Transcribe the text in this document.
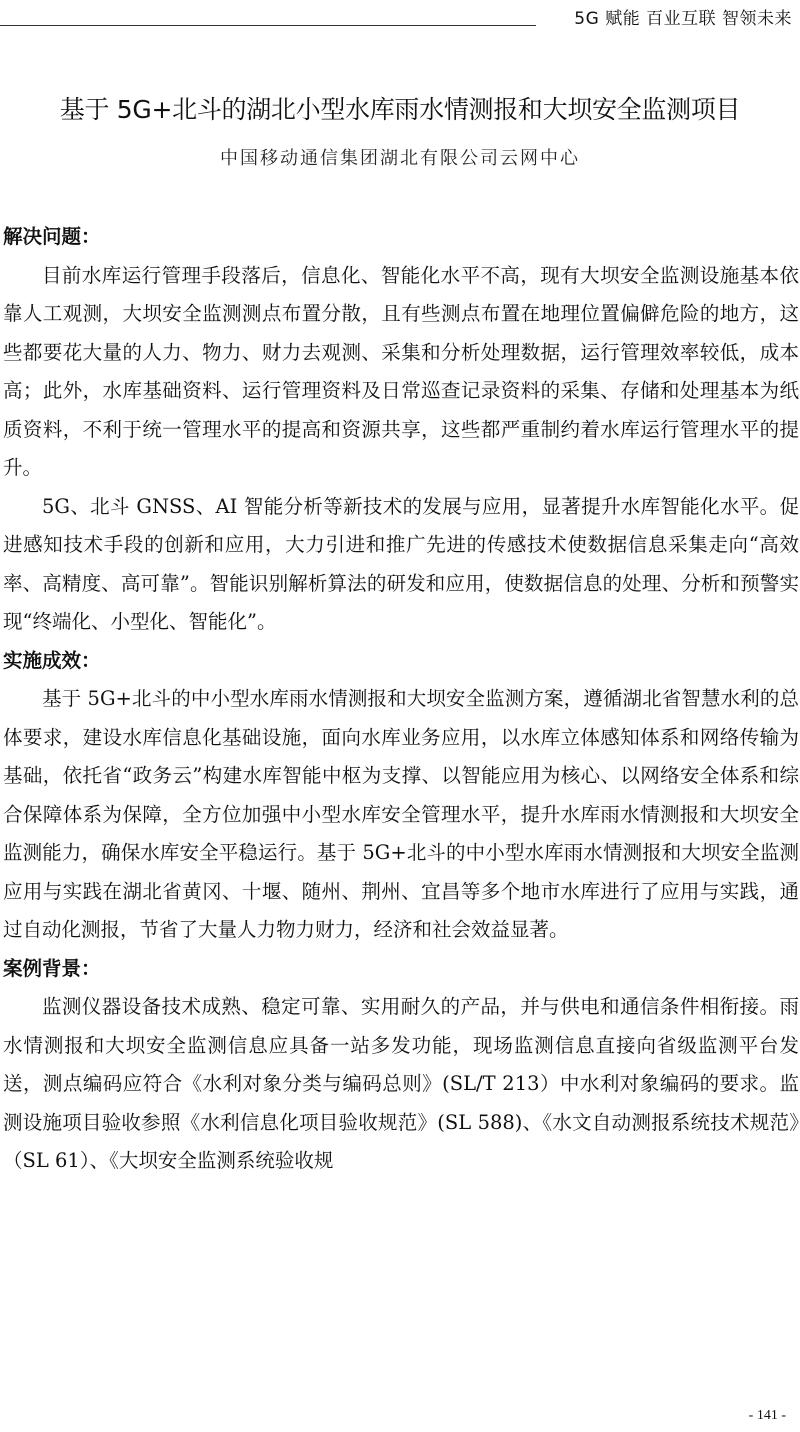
5G 赋能 百业互联 智领未来
基于 5G+北斗的湖北小型水库雨水情测报和大坝安全监测项目
中国移动通信集团湖北有限公司云网中心
解决问题：

目前水库运行管理手段落后，信息化、智能化水平不高，现有大坝安全监测设施基本依靠人工观测，大坝安全监测测点布置分散，且有些测点布置在地理位置偏僻危险的地方，这些都要花大量的人力、物力、财力去观测、采集和分析处理数据，运行管理效率较低，成本高；此外，水库基础资料、运行管理资料及日常巡查记录资料的采集、存储和处理基本为纸质资料，不利于统一管理水平的提高和资源共享，这些都严重制约着水库运行管理水平的提升。

5G、北斗 GNSS、AI 智能分析等新技术的发展与应用，显著提升水库智能化水平。促进感知技术手段的创新和应用，大力引进和推广先进的传感技术使数据信息采集走向“高效率、高精度、高可靠”。智能识别解析算法的研发和应用，使数据信息的处理、分析和预警实现“终端化、小型化、智能化”。

实施成效：

基于 5G+北斗的中小型水库雨水情测报和大坝安全监测方案，遵循湖北省智慧水利的总体要求，建设水库信息化基础设施，面向水库业务应用，以水库立体感知体系和网络传输为基础，依托省“政务云”构建水库智能中枢为支撑、以智能应用为核心、以网络安全体系和综合保障体系为保障，全方位加强中小型水库安全管理水平，提升水库雨水情测报和大坝安全监测能力，确保水库安全平稳运行。基于 5G+北斗的中小型水库雨水情测报和大坝安全监测应用与实践在湖北省黄冈、十堰、随州、荆州、宜昌等多个地市水库进行了应用与实践，通过自动化测报，节省了大量人力物力财力，经济和社会效益显著。

案例背景：

监测仪器设备技术成熟、稳定可靠、实用耐久的产品，并与供电和通信条件相衔接。雨水情测报和大坝安全监测信息应具备一站多发功能，现场监测信息直接向省级监测平台发送，测点编码应符合《水利对象分类与编码总则》(SL/T 213）中水利对象编码的要求。监测设施项目验收参照《水利信息化项目验收规范》(SL 588)、《水文自动测报系统技术规范》（SL 61）、《大坝安全监测系统验收规

- 141 -
